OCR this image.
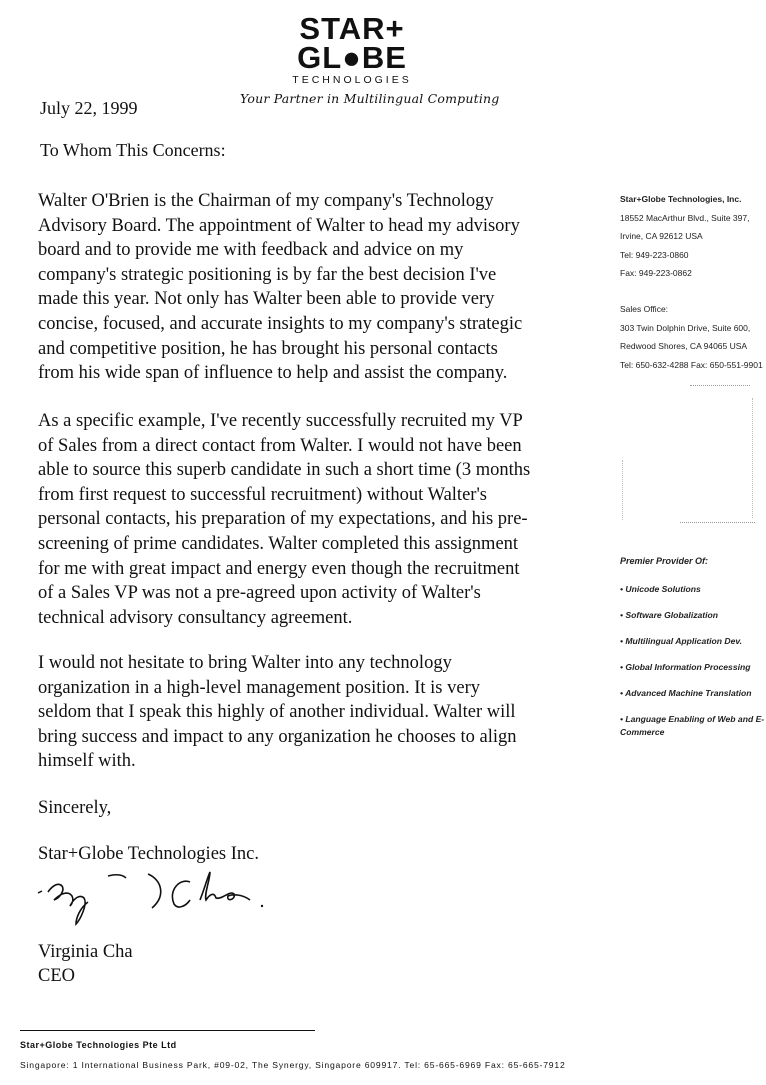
STAR+
GL●BE
TECHNOLOGIES
Your Partner in Multilingual Computing
July 22, 1999
To Whom This Concerns:

Walter O'Brien is the Chairman of my company's Technology
Advisory Board. The appointment of Walter to head my advisory
board and to provide me with feedback and advice on my
company's strategic positioning is by far the best decision I've
made this year. Not only has Walter been able to provide very
concise, focused, and accurate insights to my company's strategic
and competitive position, he has brought his personal contacts
from his wide span of influence to help and assist the company.

As a specific example, I've recently successfully recruited my VP
of Sales from a direct contact from Walter. I would not have been
able to source this superb candidate in such a short time (3 months
from first request to successful recruitment) without Walter's
personal contacts, his preparation of my expectations, and his pre-
screening of prime candidates. Walter completed this assignment
for me with great impact and energy even though the recruitment
of a Sales VP was not a pre-agreed upon activity of Walter's
technical advisory consultancy agreement.

I would not hesitate to bring Walter into any technology
organization in a high-level management position. It is very
seldom that I speak this highly of another individual. Walter will
bring success and impact to any organization he chooses to align
himself with.

Sincerely,
Star+Globe Technologies Inc.
Virginia Cha
CEO
Star+Globe Technologies, Inc.
18552 MacArthur Blvd., Suite 397,
Irvine, CA 92612 USA
Tel: 949-223-0860
Fax: 949-223-0862
Sales Office:
303 Twin Dolphin Drive, Suite 600,
Redwood Shores, CA 94065 USA
Tel: 650-632-4288 Fax: 650-551-9901
Premier Provider Of:
• Unicode Solutions
• Software Globalization
• Multilingual Application Dev.
• Global Information Processing
• Advanced Machine Translation
• Language Enabling of Web and E-Commerce
Star+Globe Technologies Pte Ltd
Singapore: 1 International Business Park, #09-02, The Synergy, Singapore 609917. Tel: 65-665-6969 Fax: 65-665-7912
